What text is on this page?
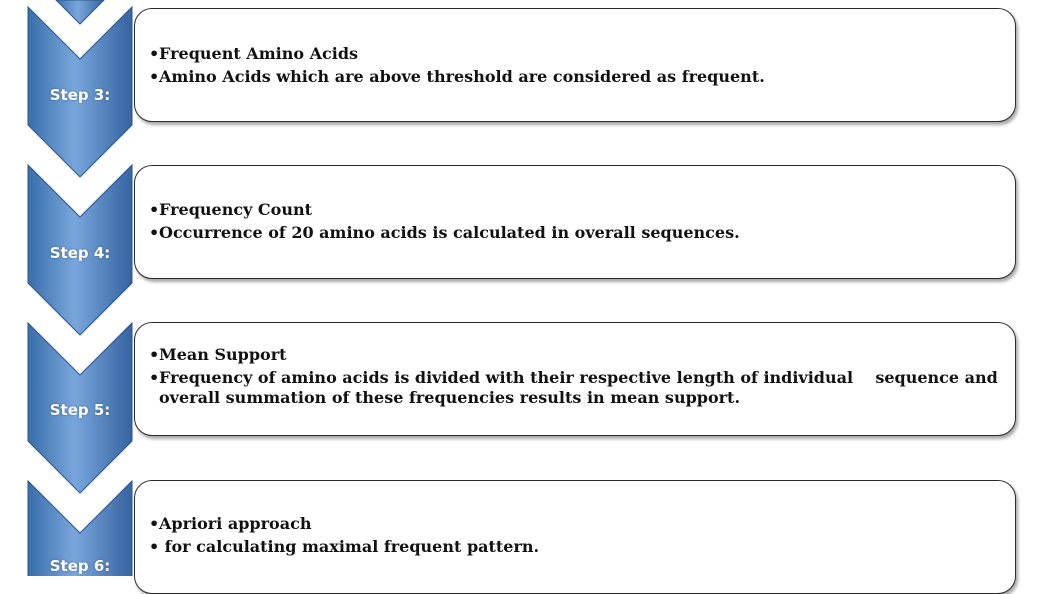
Step 3:
• Frequent Amino Acids
• Amino Acids which are above threshold are considered as frequent.
Step 4:
• Frequency Count
• Occurrence of 20 amino acids is calculated in overall sequences.
Step 5:
• Mean Support
• Frequency of amino acids is divided with their respective length of individual    sequence and overall summation of these frequencies results in mean support.
Step 6:
• Apriori approach
•  for calculating maximal frequent pattern.
